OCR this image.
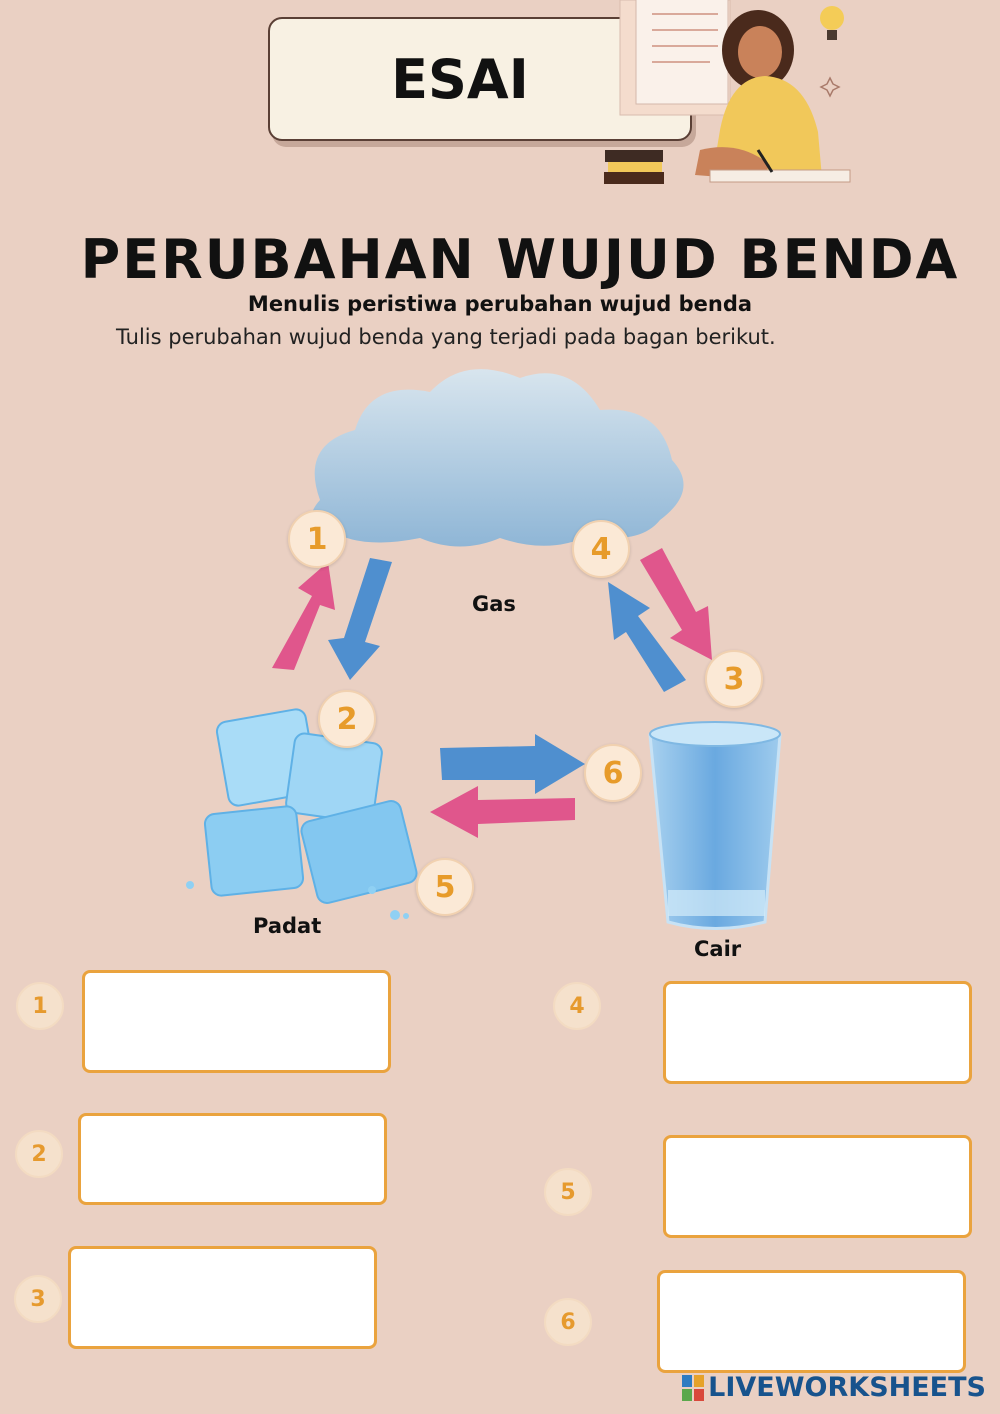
ESAI
PERUBAHAN WUJUD BENDA
Menulis peristiwa perubahan wujud benda
Tulis perubahan wujud benda yang terjadi pada bagan berikut.
Gas
Padat
Cair
1
2
3
4
5
6
1
2
3
4
5
6
LIVEWORKSHEETS
